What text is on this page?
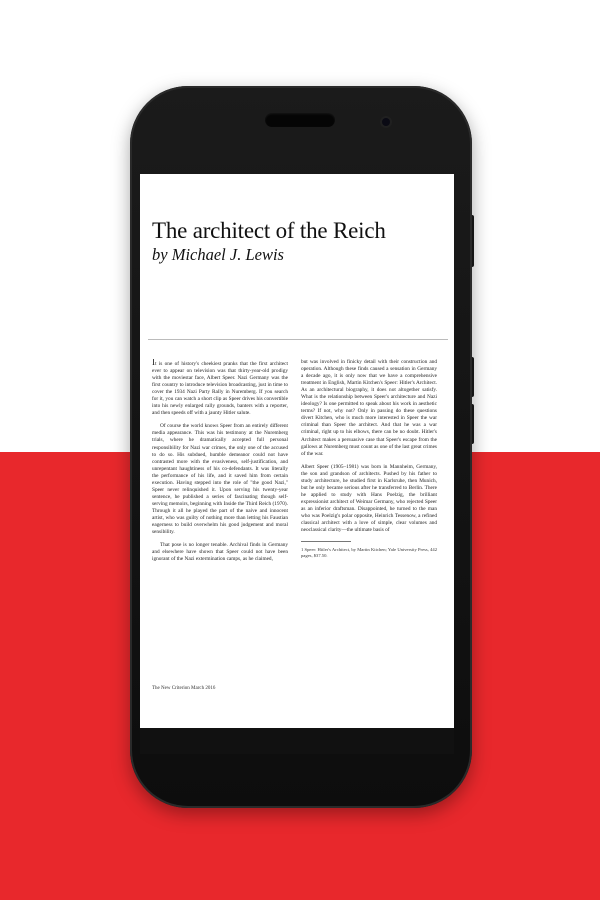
The architect of the Reich
by Michael J. Lewis

It is one of history's cheekiest pranks that the first architect ever to appear on television was that thirty-year-old prodigy with the moviestar face, Albert Speer. Nazi Germany was the first country to introduce television broadcasting, just in time to cover the 1934 Nazi Party Rally in Nuremberg. If you search for it, you can watch a short clip as Speer drives his convertible into his newly enlarged rally grounds, banters with a reporter, and then speeds off with a jaunty Hitler salute.

Of course the world knows Speer from an entirely different media appearance. This was his testimony at the Nuremberg trials, where he dramatically accepted full personal responsibility for Nazi war crimes, the only one of the accused to do so. His subdued, humble demeanor could not have contrasted more with the evasiveness, self-justification, and unrepentant haughtiness of his co-defendants. It was literally the performance of his life, and it saved him from certain execution. Having stepped into the role of "the good Nazi," Speer never relinquished it. Upon serving his twenty-year sentence, he published a series of fascinating though self-serving memoirs, beginning with Inside the Third Reich (1970). Through it all he played the part of the naive and innocent artist, who was guilty of nothing more than letting his Faustian eagerness to build overwhelm his good judgement and moral sensibility.

That pose is no longer tenable. Archival finds in Germany and elsewhere have shown that Speer could not have been ignorant of the Nazi extermination camps, as he claimed,

but was involved in finicky detail with their construction and operation. Although these finds caused a sensation in Germany a decade ago, it is only now that we have a comprehensive treatment in English, Martin Kitchen's Speer: Hitler's Architect. As an architectural biography, it does not altogether satisfy. What is the relationship between Speer's architecture and Nazi ideology? Is one permitted to speak about his work in aesthetic terms? If not, why not? Only in passing do these questions divert Kitchen, who is much more interested in Speer the war criminal than Speer the architect. And that he was a war criminal, right up to his elbows, there can be no doubt. Hitler's Architect makes a persuasive case that Speer's escape from the gallows at Nuremberg must count as one of the last great crimes of the war.

Albert Speer (1905–1981) was born in Mannheim, Germany, the son and grandson of architects. Pushed by his father to study architecture, he studied first in Karlsruhe, then Munich, but he only became serious after he transferred to Berlin. There he applied to study with Hans Poelzig, the brilliant expressionist architect of Weimar Germany, who rejected Speer as an inferior draftsman. Disappointed, he turned to the man who was Poelzig's polar opposite, Heinrich Tessenow, a refined classical architect with a love of simple, clear volumes and neoclassical clarity—the ultimate basis of

1 Speer: Hitler's Architect, by Martin Kitchen; Yale University Press, 442 pages, $37.50.

The New Criterion March 2016
